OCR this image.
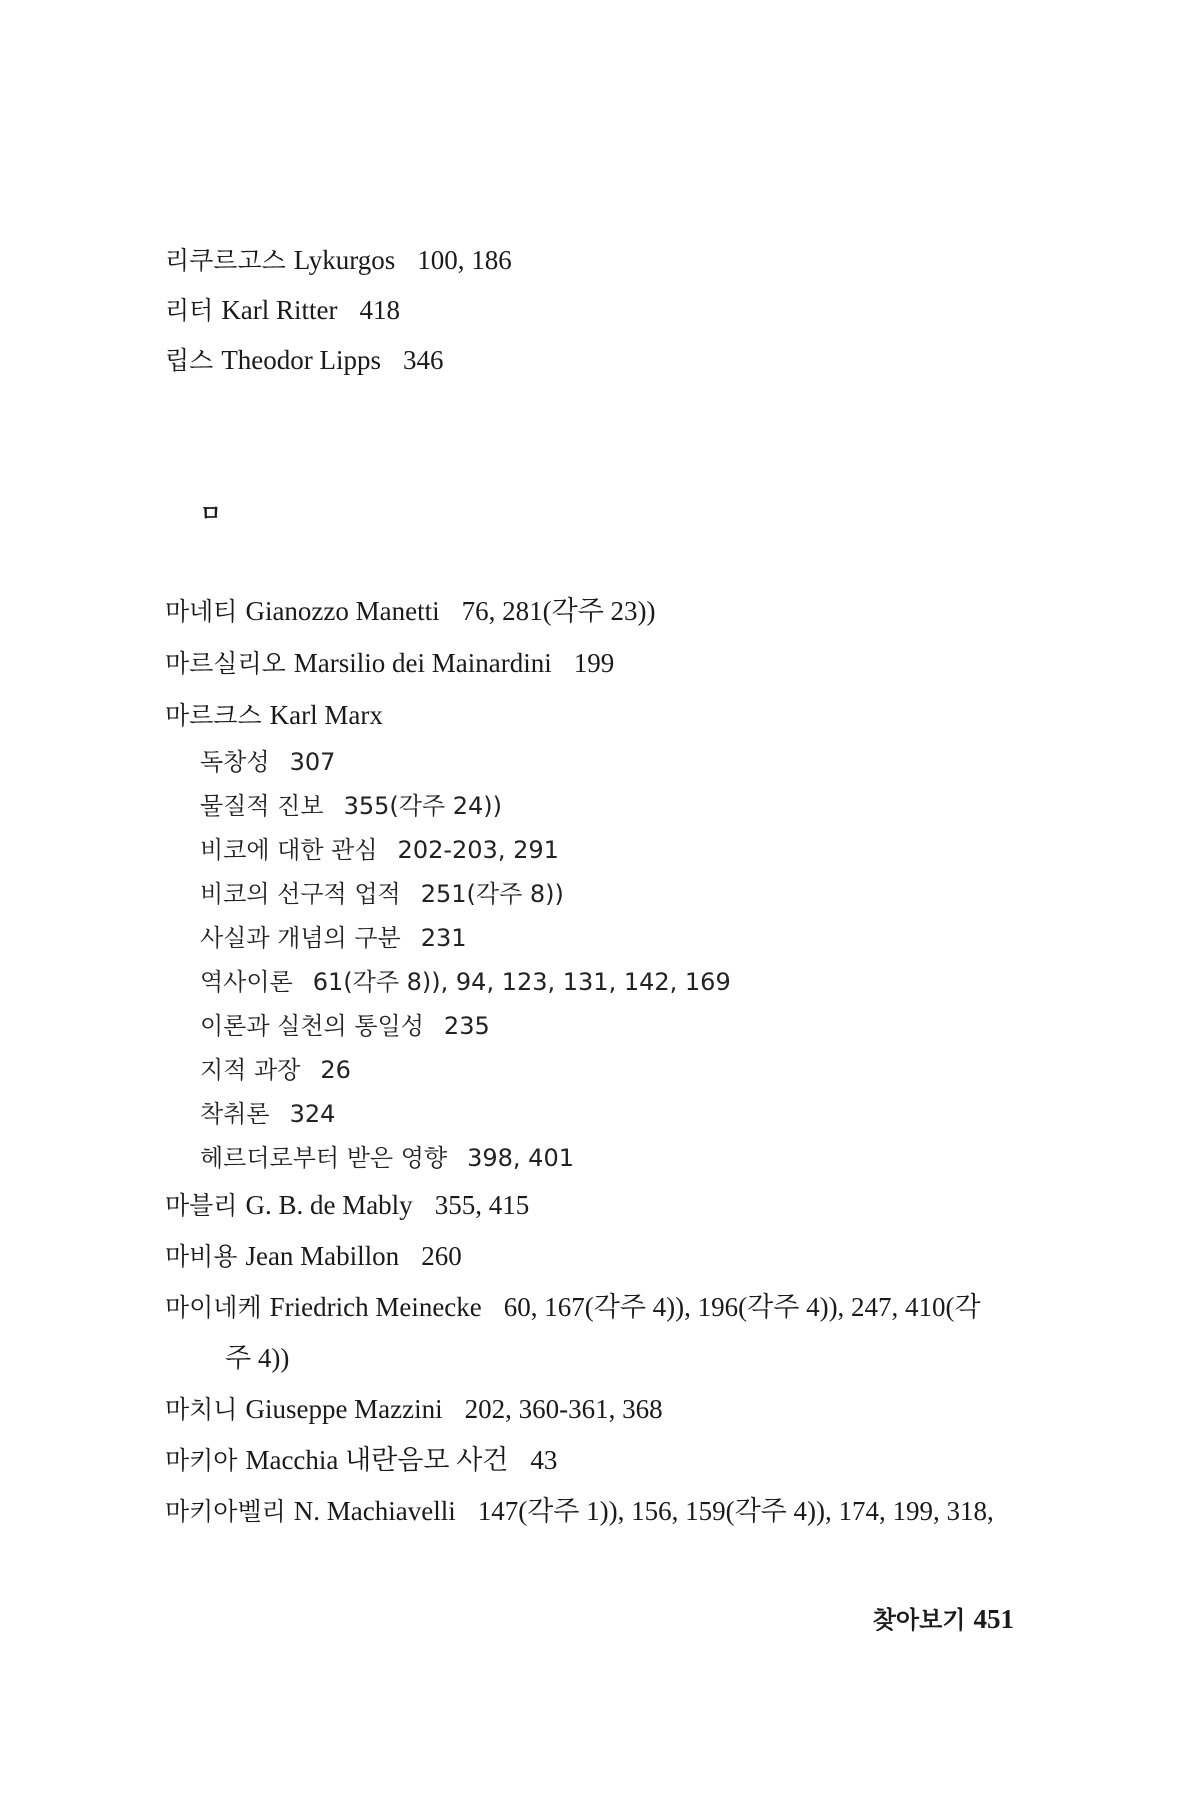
리쿠르고스 Lykurgos 100, 186
리터 Karl Ritter 418
립스 Theodor Lipps 346
ㅁ
마네티 Gianozzo Manetti 76, 281(각주 23))
마르실리오 Marsilio dei Mainardini 199
마르크스 Karl Marx
독창성 307
물질적 진보 355(각주 24))
비코에 대한 관심 202-203, 291
비코의 선구적 업적 251(각주 8))
사실과 개념의 구분 231
역사이론 61(각주 8)), 94, 123, 131, 142, 169
이론과 실천의 통일성 235
지적 과장 26
착취론 324
헤르더로부터 받은 영향 398, 401
마블리 G. B. de Mably 355, 415
마비용 Jean Mabillon 260
마이네케 Friedrich Meinecke 60, 167(각주 4)), 196(각주 4)), 247, 410(각
주 4))
마치니 Giuseppe Mazzini 202, 360-361, 368
마키아 Macchia 내란음모 사건 43
마키아벨리 N. Machiavelli 147(각주 1)), 156, 159(각주 4)), 174, 199, 318,
찾아보기 451
